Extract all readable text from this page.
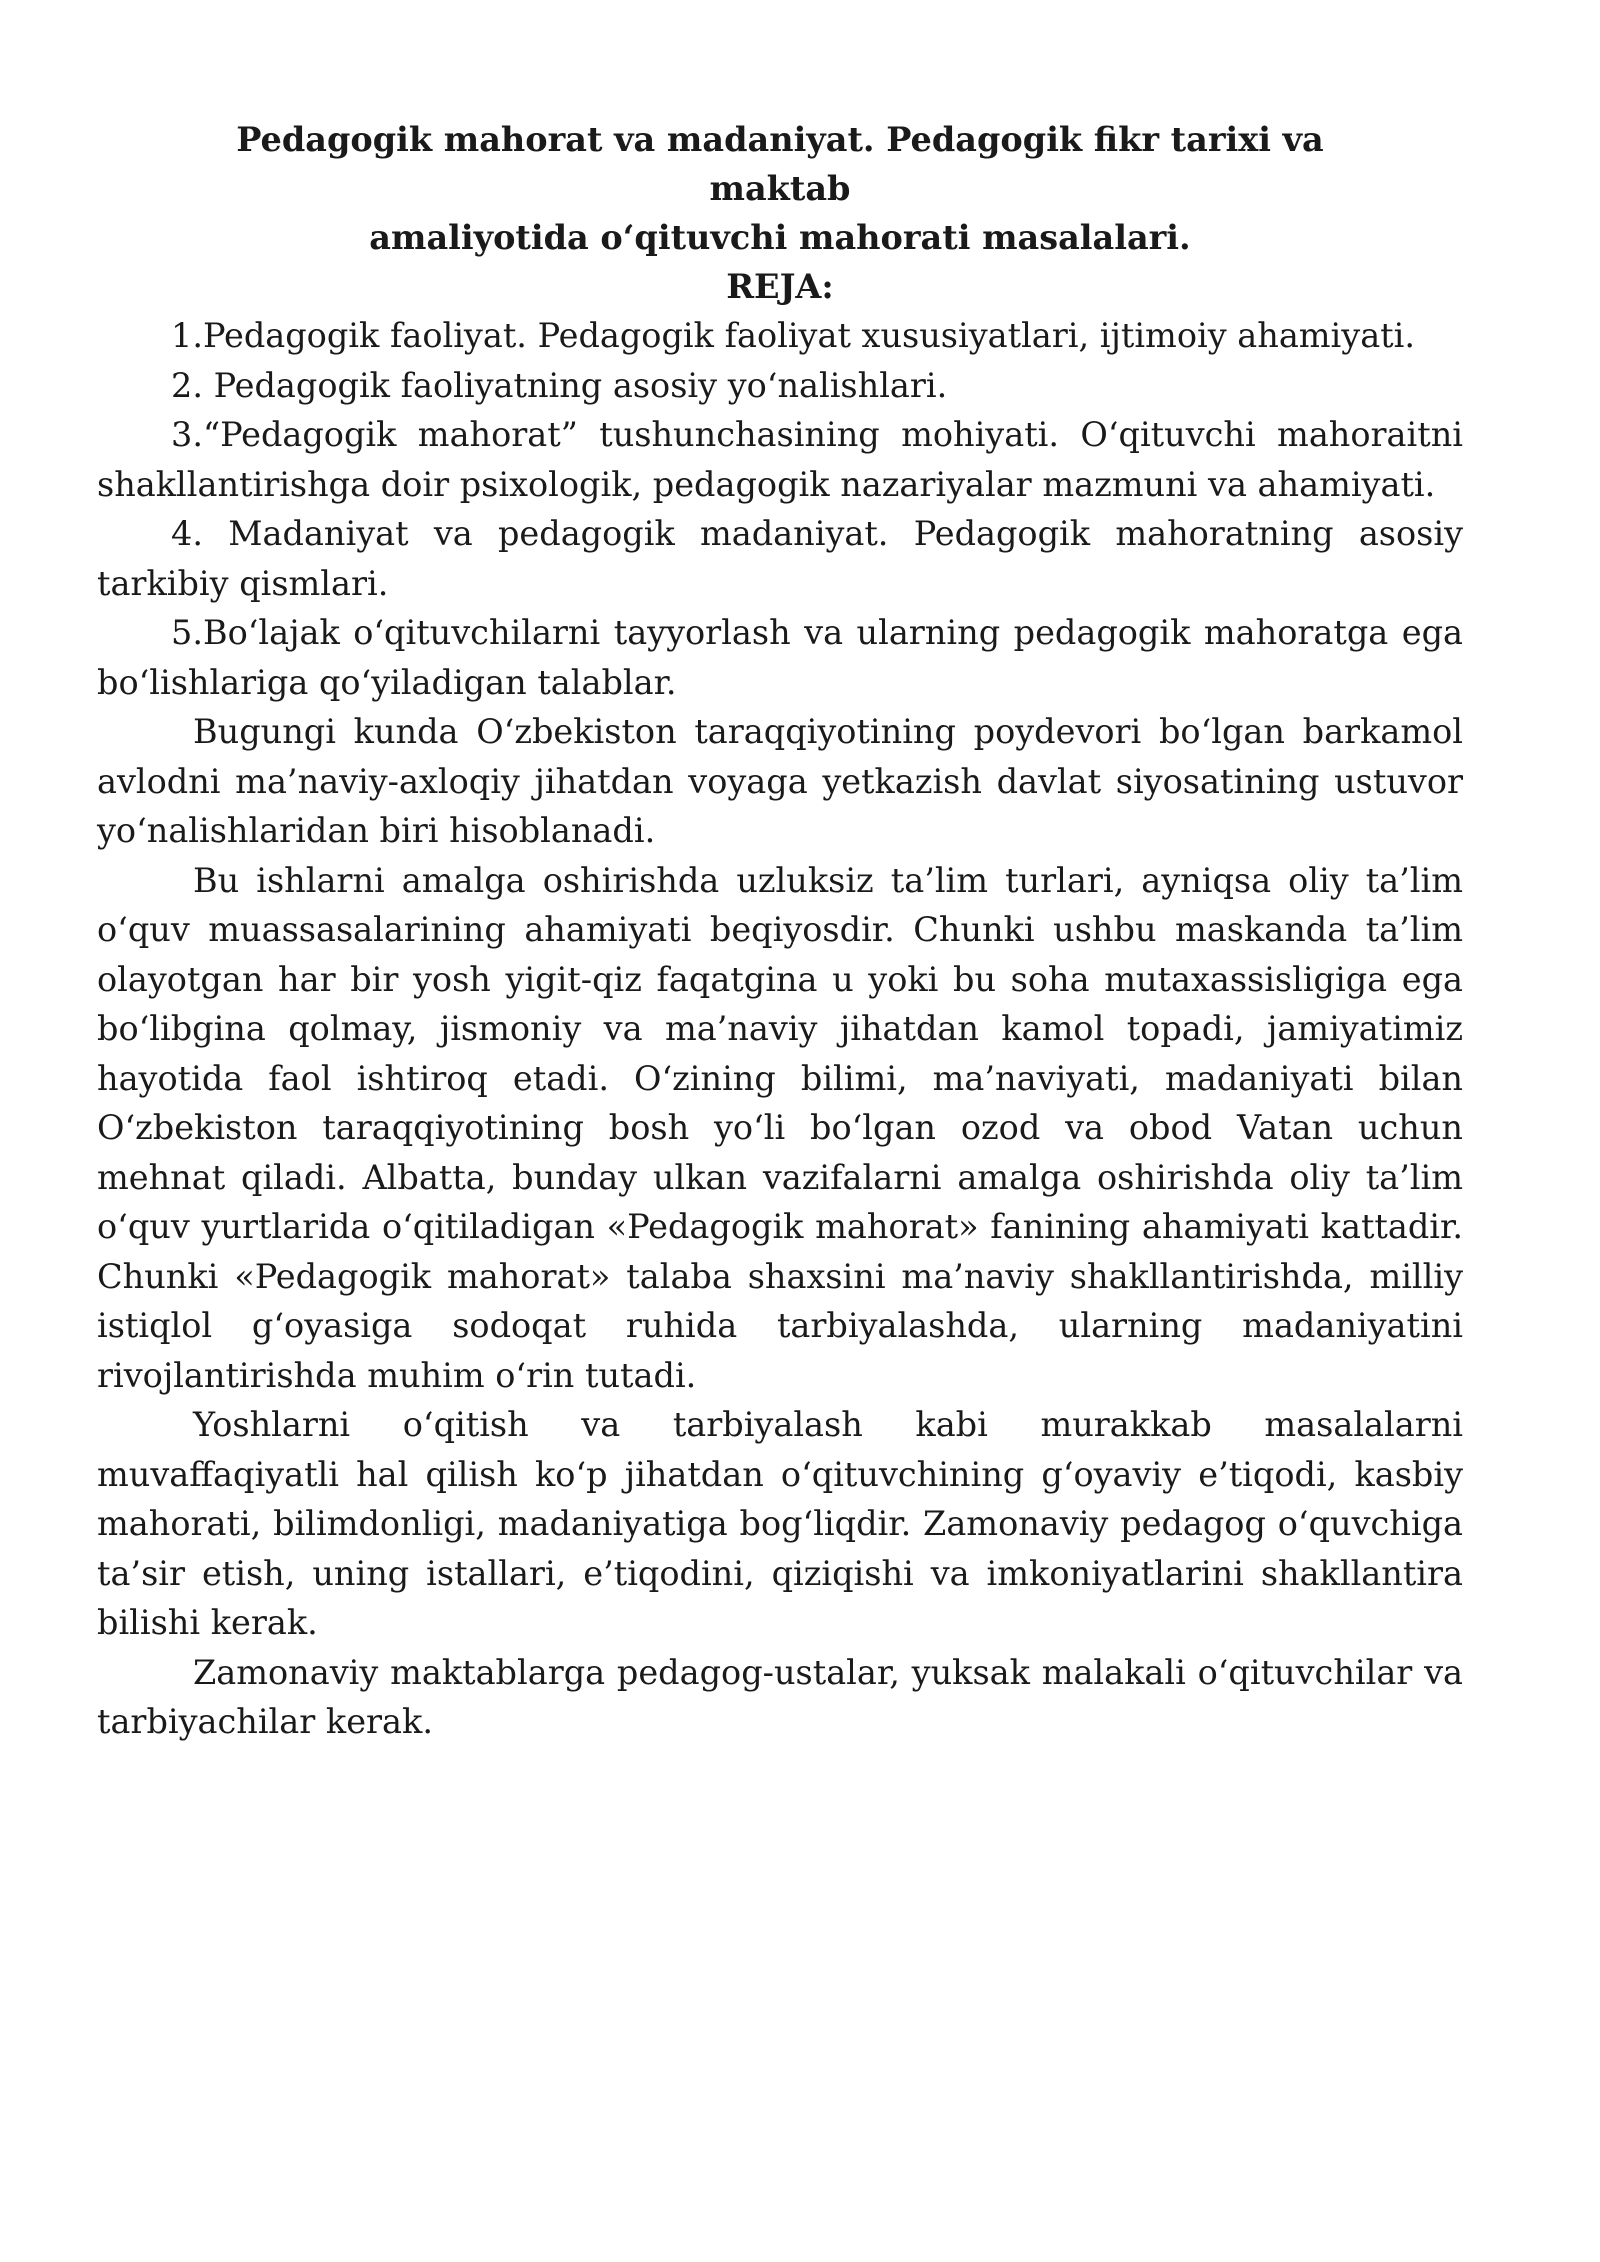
Pedagogik mahorat va madaniyat. Pedagogik fikr tarixi va maktab
amaliyotida o‘qituvchi mahorati masalalari.

REJA:

1.Pedagogik faoliyat. Pedagogik faoliyat xususiyatlari, ijtimoiy ahamiyati.
2. Pedagogik faoliyatning asosiy yo‘nalishlari.
3.“Pedagogik mahorat” tushunchasining mohiyati. O‘qituvchi mahoraitni shakllantirishga doir psixologik, pedagogik nazariyalar mazmuni va ahamiyati.
4. Madaniyat va pedagogik madaniyat. Pedagogik mahoratning asosiy tarkibiy qismlari.
5.Bo‘lajak o‘qituvchilarni tayyorlash va ularning pedagogik mahoratga ega bo‘lishlariga qo‘yiladigan talablar.

Bugungi kunda O‘zbekiston taraqqiyotining poydevori bo‘lgan barkamol avlodni ma’naviy-axloqiy jihatdan voyaga yetkazish davlat siyosatining ustuvor yo‘nalishlaridan biri hisoblanadi.

Bu ishlarni amalga oshirishda uzluksiz ta’lim turlari, ayniqsa oliy ta’lim o‘quv muassasalarining ahamiyati beqiyosdir. Chunki ushbu maskanda ta’lim olayotgan har bir yosh yigit-qiz faqatgina u yoki bu soha mutaxassisligiga ega bo‘libgina qolmay, jismoniy va ma’naviy jihatdan kamol topadi, jamiyatimiz hayotida faol ishtiroq etadi. O‘zining bilimi, ma’naviyati, madaniyati bilan O‘zbekiston taraqqiyotining bosh yo‘li bo‘lgan ozod va obod Vatan uchun mehnat qiladi. Albatta, bunday ulkan vazifalarni amalga oshirishda oliy ta’lim o‘quv yurtlarida o‘qitiladigan «Pedagogik mahorat» fanining ahamiyati kattadir. Chunki «Pedagogik mahorat» talaba shaxsini ma’naviy shakllantirishda, milliy istiqlol g‘oyasiga sodoqat ruhida tarbiyalashda, ularning madaniyatini rivojlantirishda muhim o‘rin tutadi.

Yoshlarni o‘qitish va tarbiyalash kabi murakkab masalalarni muvaffaqiyatli hal qilish ko‘p jihatdan o‘qituvchining g‘oyaviy e’tiqodi, kasbiy mahorati, bilimdonligi, madaniyatiga bog‘liqdir. Zamonaviy pedagog o‘quvchiga ta’sir etish, uning istallari, e’tiqodini, qiziqishi va imkoniyatlarini shakllantira bilishi kerak.

Zamonaviy maktablarga pedagog-ustalar, yuksak malakali o‘qituvchilar va tarbiyachilar kerak.
